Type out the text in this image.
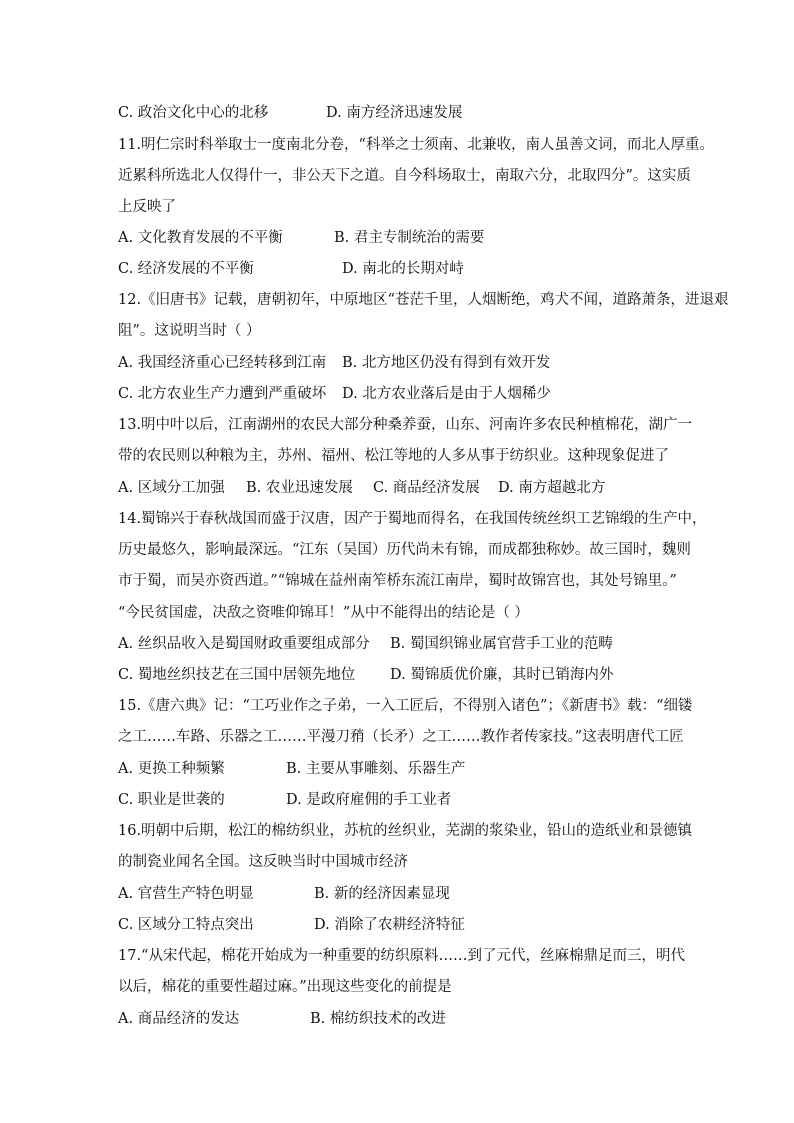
C. 政治文化中心的北移	D. 南方经济迅速发展
11.明仁宗时科举取士一度南北分卷，“科举之士须南、北兼收，南人虽善文词，而北人厚重。
近累科所选北人仅得什一，非公天下之道。自今科场取士，南取六分，北取四分”。这实质
上反映了
A. 文化教育发展的不平衡	B. 君主专制统治的需要
C. 经济发展的不平衡	D. 南北的长期对峙
12.《旧唐书》记载，唐朝初年，中原地区“苍茫千里，人烟断绝，鸡犬不闻，道路萧条，进退艰
阻”。这说明当时（ ）
A. 我国经济重心已经转移到江南 B. 北方地区仍没有得到有效开发
C. 北方农业生产力遭到严重破坏 D. 北方农业落后是由于人烟稀少
13.明中叶以后，江南湖州的农民大部分种桑养蚕，山东、河南许多农民种植棉花，湖广一
带的农民则以种粮为主，苏州、福州、松江等地的人多从事于纺织业。这种现象促进了
A. 区域分工加强 B. 农业迅速发展 C. 商品经济发展 D. 南方超越北方
14.蜀锦兴于春秋战国而盛于汉唐，因产于蜀地而得名，在我国传统丝织工艺锦缎的生产中，
历史最悠久，影响最深远。“江东（吴国）历代尚未有锦，而成都独称妙。故三国时，魏则
市于蜀，而吴亦资西道。”“锦城在益州南笮桥东流江南岸，蜀时故锦宫也，其处号锦里。”
“今民贫国虚，决敌之资唯仰锦耳！”从中不能得出的结论是（ ）
A. 丝织品收入是蜀国财政重要组成部分 B. 蜀国织锦业属官营手工业的范畴
C. 蜀地丝织技艺在三国中居领先地位 D. 蜀锦质优价廉，其时已销海内外
15.《唐六典》记：“工巧业作之子弟，一入工匠后，不得别入诸色”；《新唐书》载：“细镂
之工……车路、乐器之工……平漫刀矟（长矛）之工……教作者传家技。”这表明唐代工匠
A. 更换工种频繁	B. 主要从事雕刻、乐器生产
C. 职业是世袭的	D. 是政府雇佣的手工业者
16.明朝中后期，松江的棉纺织业，苏杭的丝织业，芜湖的浆染业，铅山的造纸业和景德镇
的制瓷业闻名全国。这反映当时中国城市经济
A. 官营生产特色明显	B. 新的经济因素显现
C. 区域分工特点突出	D. 消除了农耕经济特征
17.“从宋代起，棉花开始成为一种重要的纺织原料……到了元代，丝麻棉鼎足而三，明代
以后，棉花的重要性超过麻。”出现这些变化的前提是
A. 商品经济的发达	B. 棉纺织技术的改进
